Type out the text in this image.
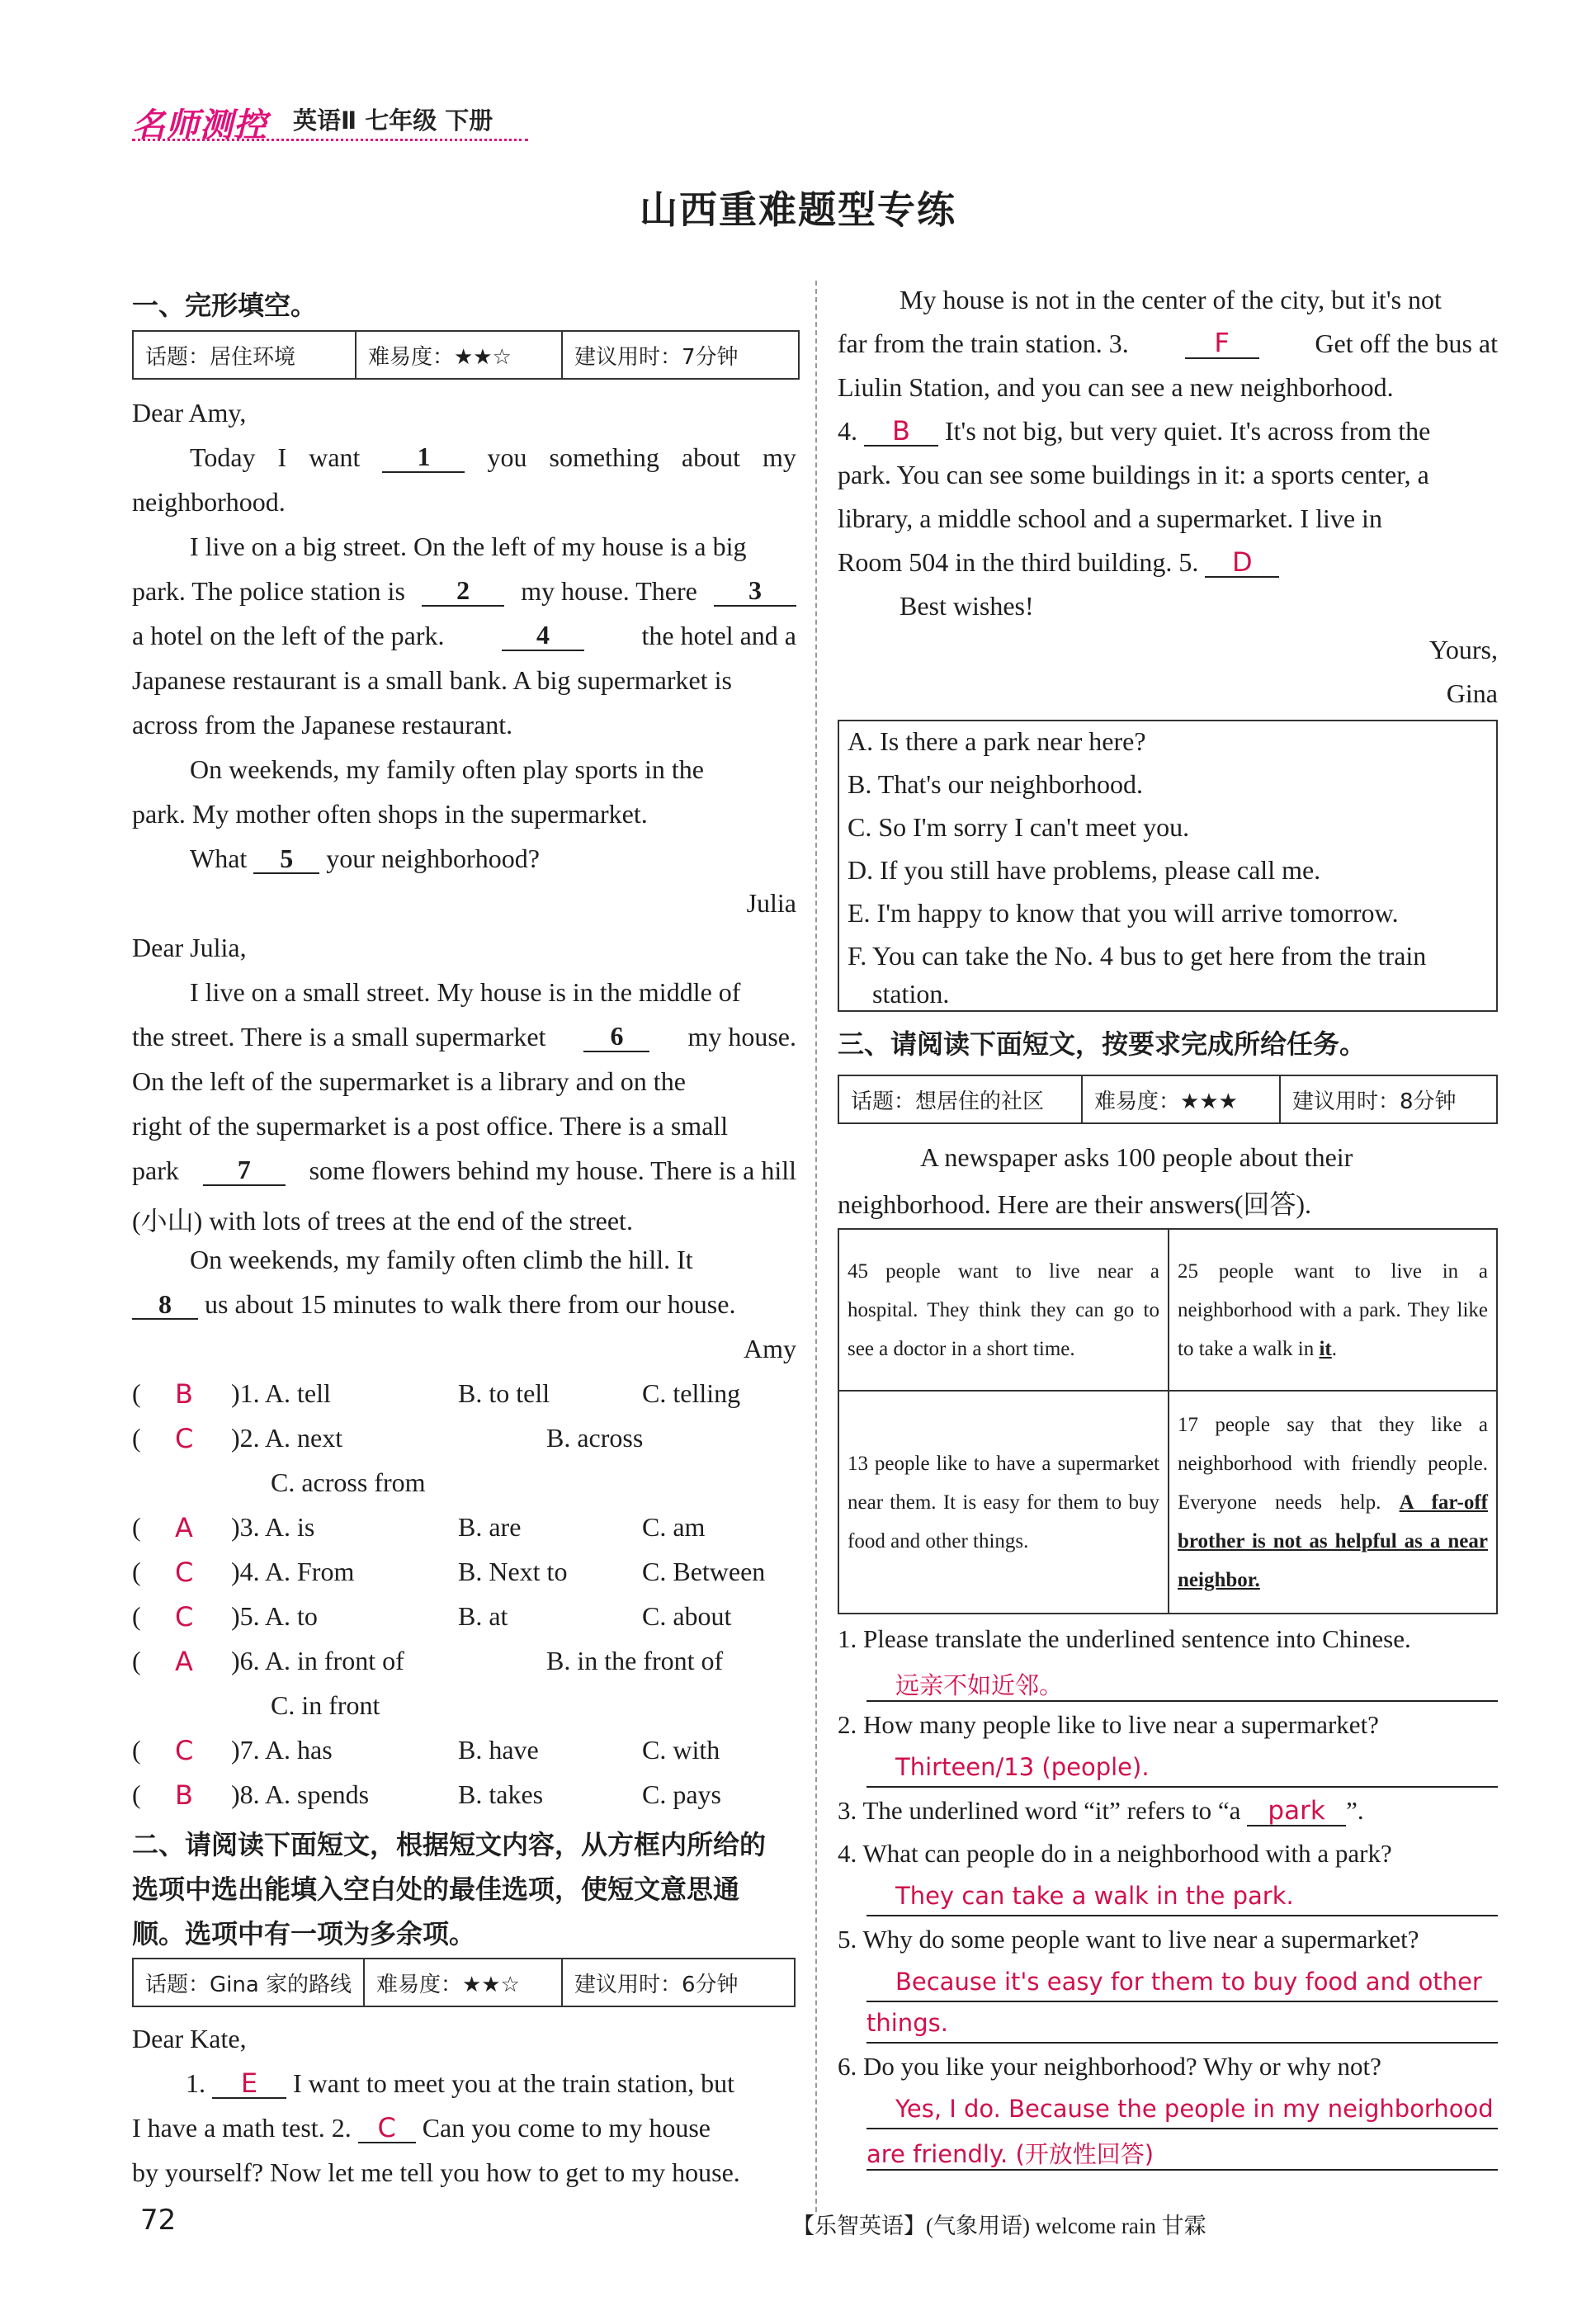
名师测控 英语Ⅱ 七年级 下册
山西重难题型专练
一、完形填空。
话题：居住环境	难易度：★★☆	建议用时：7分钟
Dear Amy,
Today I want	1	you something about my
neighborhood.
I live on a big street. On the left of my house is a big
park. The police station is	2	my house. There	3
a hotel on the left of the park.	4	the hotel and a
Japanese restaurant is a small bank. A big supermarket is
across from the Japanese restaurant.
On weekends, my family often play sports in the
park. My mother often shops in the supermarket.
What 5 your neighborhood?
Julia
Dear Julia,
I live on a small street. My house is in the middle of
the street. There is a small supermarket	6	my house.
On the left of the supermarket is a library and on the
right of the supermarket is a post office. There is a small
park	7	some flowers behind my house. There is a hill
(小山) with lots of trees at the end of the street.
On weekends, my family often climb the hill. It
8 us about 15 minutes to walk there from our house.
Amy
( B )1. A. tell	B. to tell	C. telling
( C )2. A. next	B. across
C. across from
( A )3. A. is	B. are	C. am
( C )4. A. From	B. Next to	C. Between
( C )5. A. to	B. at	C. about
( A )6. A. in front of	B. in the front of
C. in front
( C )7. A. has	B. have	C. with
( B )8. A. spends	B. takes	C. pays
二、请阅读下面短文，根据短文内容，从方框内所给的
选项中选出能填入空白处的最佳选项，使短文意思通
顺。选项中有一项为多余项。
话题：Gina 家的路线	难易度：★★☆	建议用时：6分钟
Dear Kate,
1. E I want to meet you at the train station, but
I have a math test. 2. C Can you come to my house
by yourself? Now let me tell you how to get to my house.
My house is not in the center of the city, but it's not
far from the train station. 3.	F	Get off the bus at
Liulin Station, and you can see a new neighborhood.
4. B It's not big, but very quiet. It's across from the
park. You can see some buildings in it: a sports center, a
library, a middle school and a supermarket. I live in
Room 504 in the third building. 5. D
Best wishes!
Yours,
Gina
A. Is there a park near here?
B. That's our neighborhood.
C. So I'm sorry I can't meet you.
D. If you still have problems, please call me.
E. I'm happy to know that you will arrive tomorrow.
F. You can take the No. 4 bus to get here from the train
station.
三、请阅读下面短文，按要求完成所给任务。
话题：想居住的社区	难易度：★★★	建议用时：8分钟
A newspaper asks 100 people about their
neighborhood. Here are their answers(回答).
45 people want to live near a hospital. They think they can go to see a doctor in a short time.	25 people want to live in a neighborhood with a park. They like to take a walk in it.
13 people like to have a supermarket near them. It is easy for them to buy food and other things.	17 people say that they like a neighborhood with friendly people. Everyone needs help. A far-off brother is not as helpful as a near neighbor.
1. Please translate the underlined sentence into Chinese.
远亲不如近邻。
2. How many people like to live near a supermarket?
Thirteen/13 (people).
3. The underlined word “it” refers to “a park ”.
4. What can people do in a neighborhood with a park?
They can take a walk in the park.
5. Why do some people want to live near a supermarket?
Because it's easy for them to buy food and other
things.
6. Do you like your neighborhood? Why or why not?
Yes, I do. Because the people in my neighborhood
are friendly. (开放性回答)
72	【乐智英语】(气象用语) welcome rain 甘霖
